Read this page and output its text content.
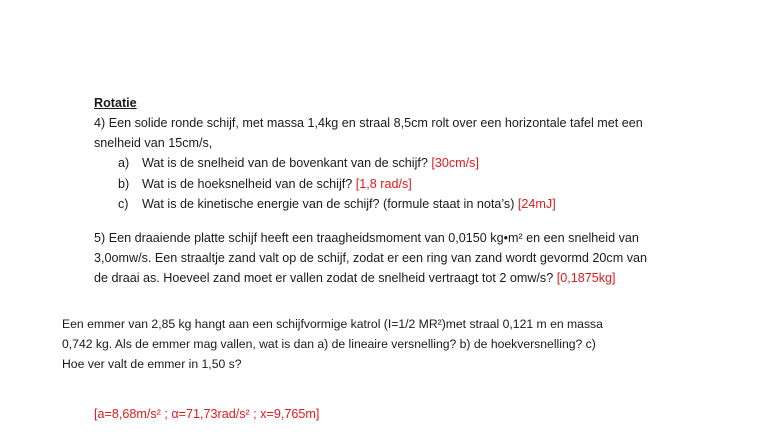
Rotatie
4) Een solide ronde schijf, met massa 1,4kg en straal 8,5cm rolt over een horizontale tafel met een
snelheid van 15cm/s,
a) Wat is de snelheid van de bovenkant van de schijf? [30cm/s]
b) Wat is de hoeksnelheid van de schijf? [1,8 rad/s]
c) Wat is de kinetische energie van de schijf? (formule staat in nota’s) [24mJ]
5) Een draaiende platte schijf heeft een traagheidsmoment van 0,0150 kg•m² en een snelheid van
3,0omw/s. Een straaltje zand valt op de schijf, zodat er een ring van zand wordt gevormd 20cm van
de draai as. Hoeveel zand moet er vallen zodat de snelheid vertraagt tot 2 omw/s? [0,1875kg]
Een emmer van 2,85 kg hangt aan een schijfvormige katrol (I=1/2 MR²)met straal 0,121 m en massa
0,742 kg. Als de emmer mag vallen, wat is dan a) de lineaire versnelling? b) de hoekversnelling? c)
Hoe ver valt de emmer in 1,50 s?
[a=8,68m/s² ; α=71,73rad/s² ; x=9,765m]
